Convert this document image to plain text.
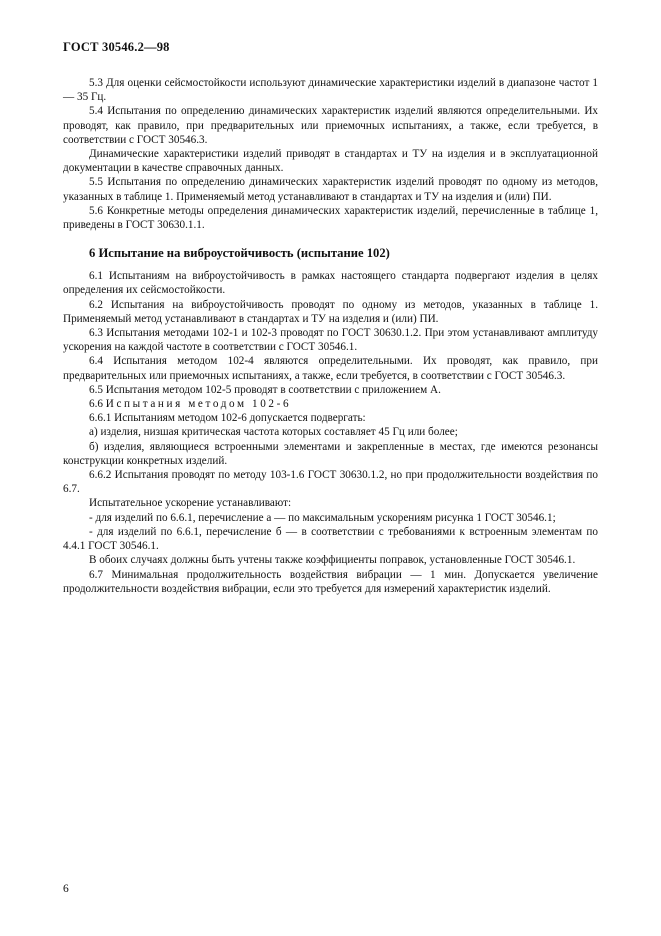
ГОСТ 30546.2—98

5.3 Для оценки сейсмостойкости используют динамические характеристики изделий в диапазоне частот 1 — 35 Гц.

5.4 Испытания по определению динамических характеристик изделий являются определительными. Их проводят, как правило, при предварительных или приемочных испытаниях, а также, если требуется, в соответствии с ГОСТ 30546.3.

Динамические характеристики изделий приводят в стандартах и ТУ на изделия и в эксплуатационной документации в качестве справочных данных.

5.5 Испытания по определению динамических характеристик изделий проводят по одному из методов, указанных в таблице 1. Применяемый метод устанавливают в стандартах и ТУ на изделия и (или) ПИ.

5.6 Конкретные методы определения динамических характеристик изделий, перечисленные в таблице 1, приведены в ГОСТ 30630.1.1.

6 Испытание на виброустойчивость (испытание 102)

6.1 Испытаниям на виброустойчивость в рамках настоящего стандарта подвергают изделия в целях определения их сейсмостойкости.

6.2 Испытания на виброустойчивость проводят по одному из методов, указанных в таблице 1. Применяемый метод устанавливают в стандартах и ТУ на изделия и (или) ПИ.

6.3 Испытания методами 102-1 и 102-3 проводят по ГОСТ 30630.1.2. При этом устанавливают амплитуду ускорения на каждой частоте в соответствии с ГОСТ 30546.1.

6.4 Испытания методом 102-4 являются определительными. Их проводят, как правило, при предварительных или приемочных испытаниях, а также, если требуется, в соответствии с ГОСТ 30546.3.

6.5 Испытания методом 102-5 проводят в соответствии с приложением А.

6.6 Испытания методом 102-6

6.6.1 Испытаниям методом 102-6 допускается подвергать:

а) изделия, низшая критическая частота которых составляет 45 Гц или более;

б) изделия, являющиеся встроенными элементами и закрепленные в местах, где имеются резонансы конструкции конкретных изделий.

6.6.2 Испытания проводят по методу 103-1.6 ГОСТ 30630.1.2, но при продолжительности воздействия по 6.7.

Испытательное ускорение устанавливают:

- для изделий по 6.6.1, перечисление а — по максимальным ускорениям рисунка 1 ГОСТ 30546.1;

- для изделий по 6.6.1, перечисление б — в соответствии с требованиями к встроенным элементам по 4.4.1 ГОСТ 30546.1.

В обоих случаях должны быть учтены также коэффициенты поправок, установленные ГОСТ 30546.1.

6.7 Минимальная продолжительность воздействия вибрации — 1 мин. Допускается увеличение продолжительности воздействия вибрации, если это требуется для измерений характеристик изделий.

6
